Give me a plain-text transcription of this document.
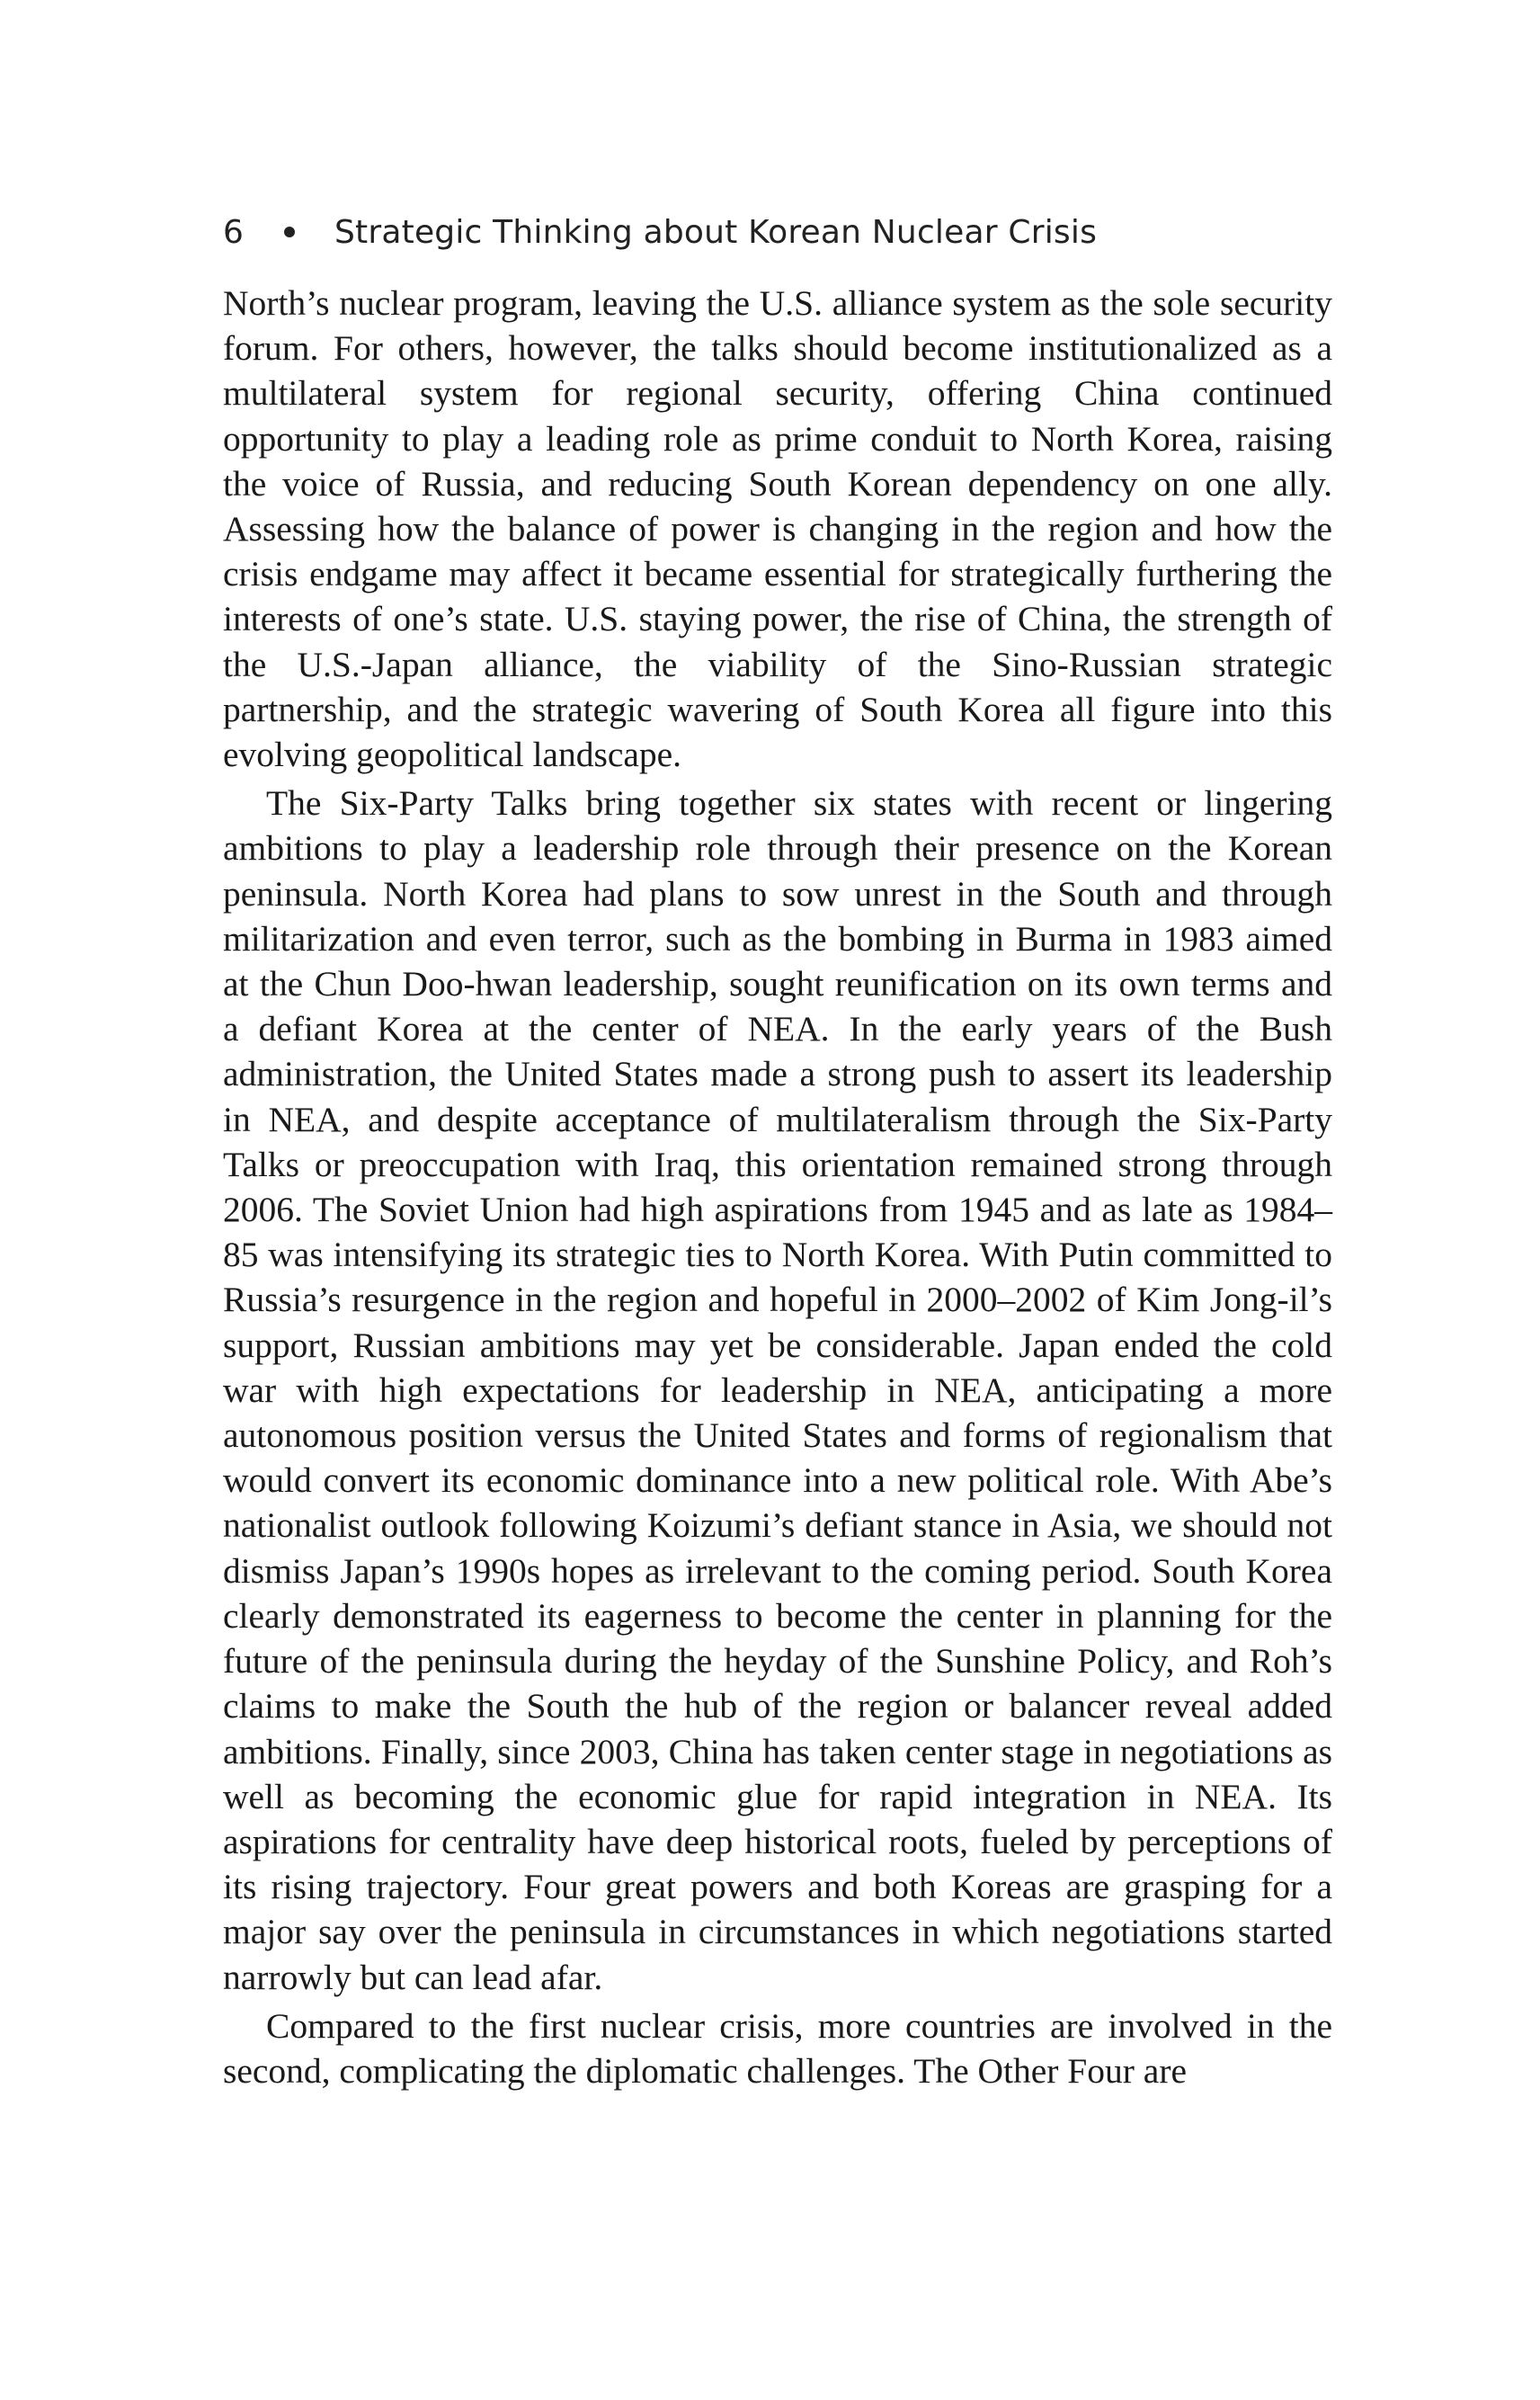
6	Strategic Thinking about Korean Nuclear Crisis

North’s nuclear program, leaving the U.S. alliance system as the sole security forum. For others, however, the talks should become institutionalized as a multilateral system for regional security, offering China continued opportunity to play a leading role as prime conduit to North Korea, raising the voice of Russia, and reducing South Korean dependency on one ally. Assessing how the balance of power is changing in the region and how the crisis endgame may affect it became essential for strategically furthering the interests of one’s state. U.S. staying power, the rise of China, the strength of the U.S.-Japan alliance, the viability of the Sino-Russian strategic partnership, and the strategic wavering of South Korea all figure into this evolving geopolitical landscape.

The Six-Party Talks bring together six states with recent or lingering ambitions to play a leadership role through their presence on the Korean peninsula. North Korea had plans to sow unrest in the South and through militarization and even terror, such as the bombing in Burma in 1983 aimed at the Chun Doo-hwan leadership, sought reunification on its own terms and a defiant Korea at the center of NEA. In the early years of the Bush administration, the United States made a strong push to assert its leadership in NEA, and despite acceptance of multilateralism through the Six-Party Talks or preoccupation with Iraq, this orientation remained strong through 2006. The Soviet Union had high aspirations from 1945 and as late as 1984–85 was intensifying its strategic ties to North Korea. With Putin committed to Russia’s resurgence in the region and hopeful in 2000–2002 of Kim Jong-il’s support, Russian ambitions may yet be considerable. Japan ended the cold war with high expectations for leadership in NEA, anticipating a more autonomous position versus the United States and forms of regionalism that would convert its economic dominance into a new political role. With Abe’s nationalist outlook following Koizumi’s defiant stance in Asia, we should not dismiss Japan’s 1990s hopes as irrelevant to the coming period. South Korea clearly demonstrated its eagerness to become the center in planning for the future of the peninsula during the heyday of the Sunshine Policy, and Roh’s claims to make the South the hub of the region or balancer reveal added ambitions. Finally, since 2003, China has taken center stage in negotiations as well as becoming the economic glue for rapid integration in NEA. Its aspirations for centrality have deep historical roots, fueled by perceptions of its rising trajectory. Four great powers and both Koreas are grasping for a major say over the peninsula in circumstances in which negotiations started narrowly but can lead afar.

Compared to the first nuclear crisis, more countries are involved in the second, complicating the diplomatic challenges. The Other Four are
